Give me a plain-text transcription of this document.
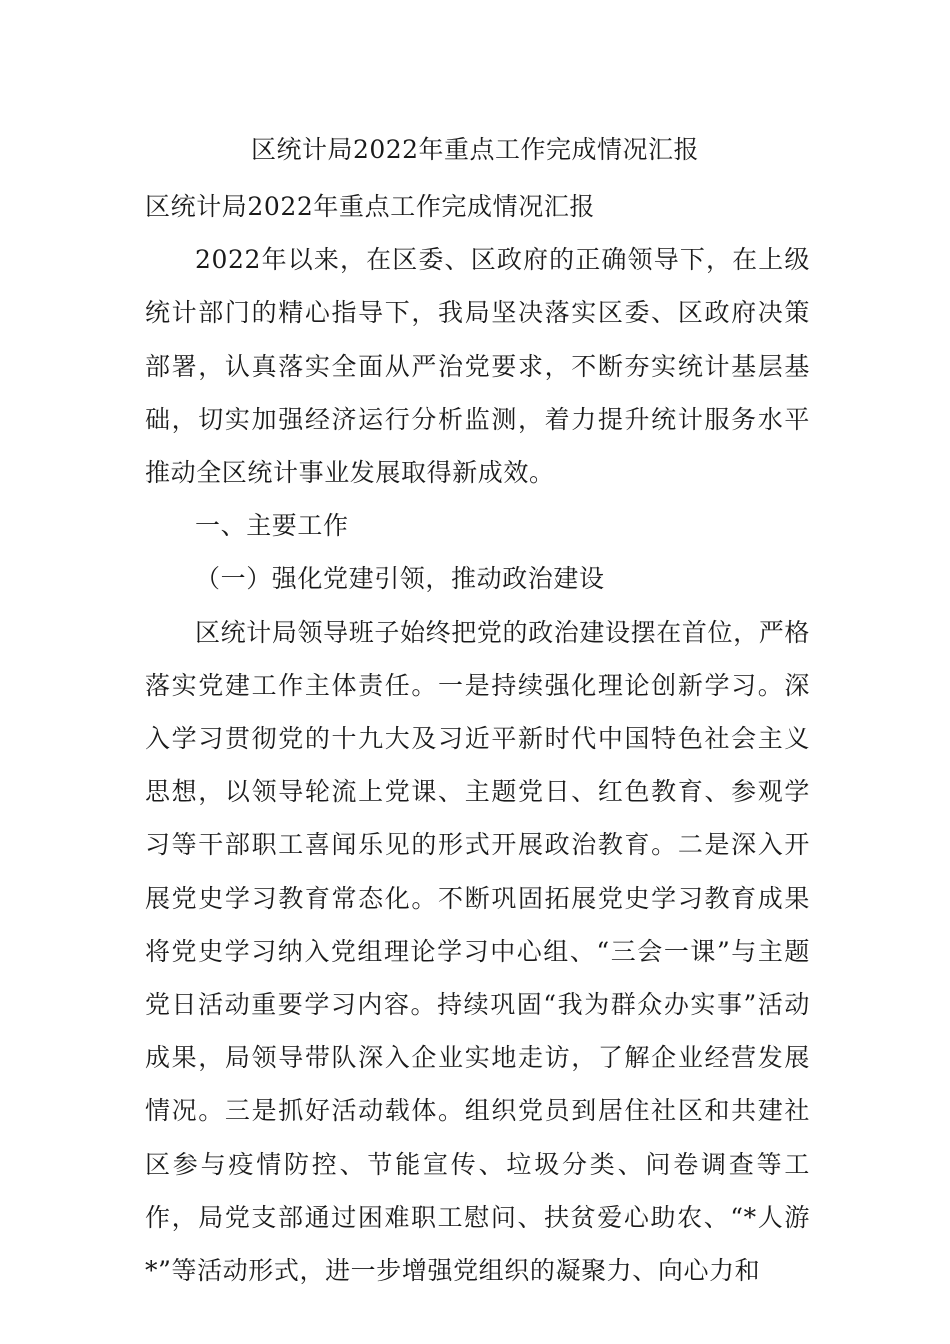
区统计局2022年重点工作完成情况汇报

区统计局2022年重点工作完成情况汇报

2022年以来，在区委、区政府的正确领导下，在上级统计部门的精心指导下，我局坚决落实区委、区政府决策部署，认真落实全面从严治党要求，不断夯实统计基层基础，切实加强经济运行分析监测，着力提升统计服务水平推动全区统计事业发展取得新成效。

一、主要工作

（一）强化党建引领，推动政治建设

区统计局领导班子始终把党的政治建设摆在首位，严格落实党建工作主体责任。一是持续强化理论创新学习。深入学习贯彻党的十九大及习近平新时代中国特色社会主义思想，以领导轮流上党课、主题党日、红色教育、参观学习等干部职工喜闻乐见的形式开展政治教育。二是深入开展党史学习教育常态化。不断巩固拓展党史学习教育成果将党史学习纳入党组理论学习中心组、“三会一课”与主题党日活动重要学习内容。持续巩固“我为群众办实事”活动成果，局领导带队深入企业实地走访，了解企业经营发展情况。三是抓好活动载体。组织党员到居住社区和共建社区参与疫情防控、节能宣传、垃圾分类、问卷调查等工作，局党支部通过困难职工慰问、扶贫爱心助农、“*人游*”等活动形式，进一步增强党组织的凝聚力、向心力和
